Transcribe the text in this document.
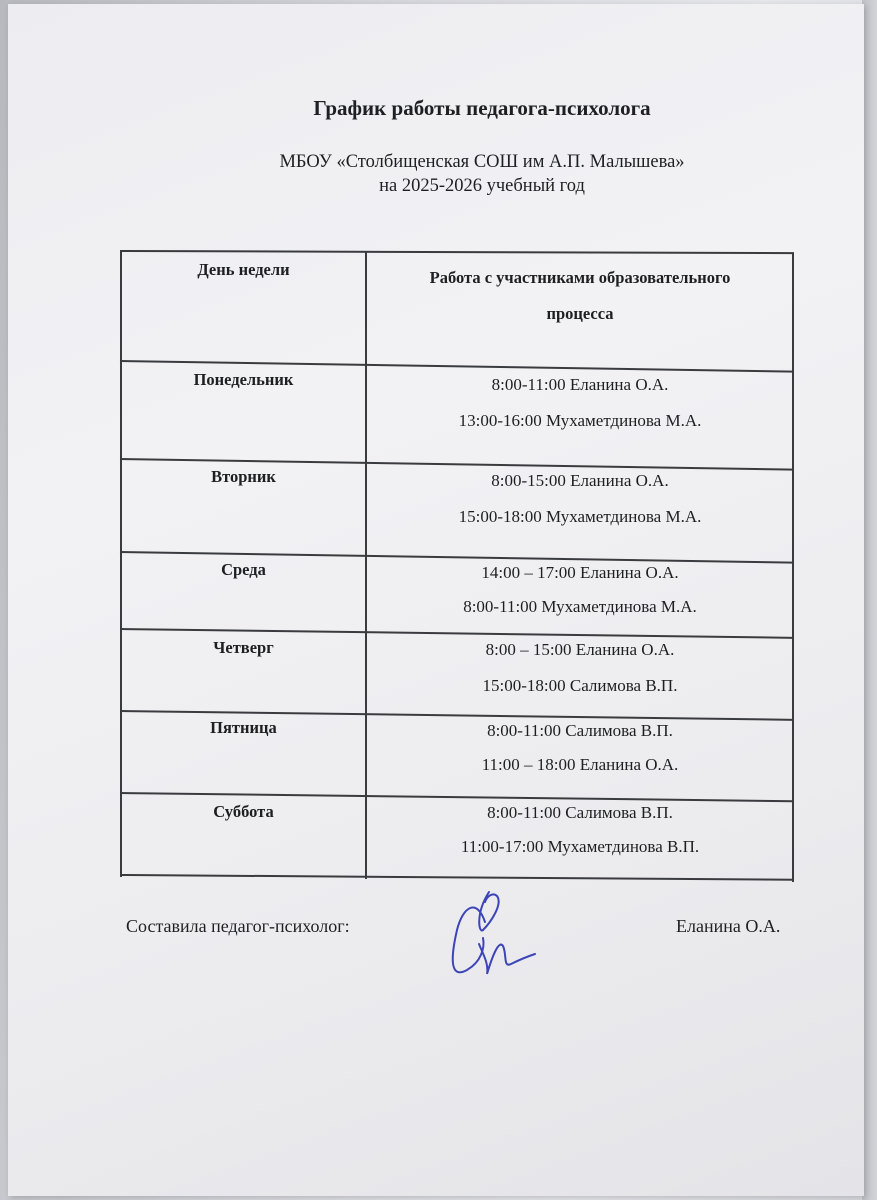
График работы педагога-психолога
МБОУ «Столбищенская СОШ им А.П. Малышева»
на 2025-2026 учебный год
День недели	Работа с участниками образовательного
процесса
Понедельник	8:00-11:00 Еланина О.А.
13:00-16:00 Мухаметдинова М.А.
Вторник	8:00-15:00 Еланина О.А.
15:00-18:00 Мухаметдинова М.А.
Среда	14:00 – 17:00 Еланина О.А.
8:00-11:00 Мухаметдинова М.А.
Четверг	8:00 – 15:00 Еланина О.А.
15:00-18:00 Салимова В.П.
Пятница	8:00-11:00 Салимова В.П.
11:00 – 18:00 Еланина О.А.
Суббота	8:00-11:00 Салимова В.П.
11:00-17:00 Мухаметдинова В.П.
Составила педагог-психолог:	Еланина О.А.
